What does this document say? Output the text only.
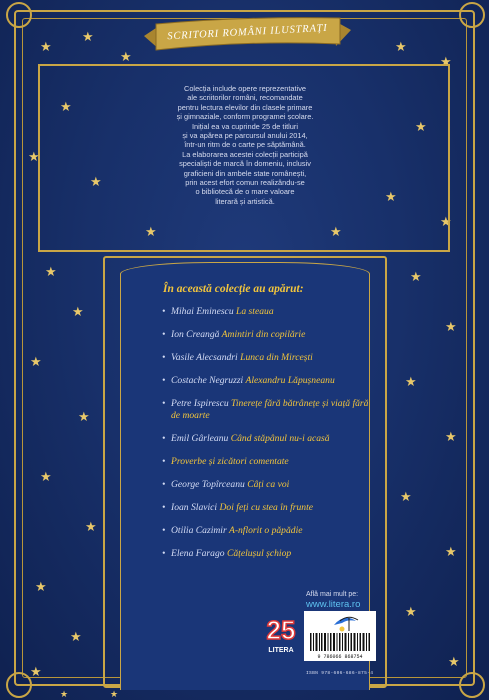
★
★
★
★
★
★
★
★
★
★
★
★	★
★
★
★
★
★
★
★
★
★
★
★
★
★
★
★
★
★
★	★
SCRITORI ROMÂNI ILUSTRAȚI
Colecția include opere reprezentative
ale scriitorilor români, recomandate
pentru lectura elevilor din clasele primare
și gimnaziale, conform programei școlare.
Inițial ea va cuprinde 25 de titluri
și va apărea pe parcursul anului 2014,
într-un ritm de o carte pe săptămână.
La elaborarea acestei colecții participă
specialiști de marcă în domeniu, inclusiv
graficieni din ambele state românești,
prin acest efort comun realizându-se
o bibliotecă de o mare valoare
literară și artistică.
În această colecție au apărut:
• Mihai Eminescu La steaua
• Ion Creangă Amintiri din copilărie
• Vasile Alecsandri Lunca din Mircești
• Costache Negruzzi Alexandru Lăpușneanu
• Petre Ispirescu Tinerețe fără bătrânețe și viață fără de moarte
• Emil Gârleanu Când stăpânul nu-i acasă
• Proverbe și zicători comentate
• George Topîrceanu Câți ca voi
• Ioan Slavici Doi feți cu stea în frunte
• Otilia Cazimir A-nflorit o păpădie
• Elena Farago Cățelușul șchiop
Află mai mult pe:
www.litera.ro
25
LITERA
9 786066 868754
ISBN 978-606-686-875-4
